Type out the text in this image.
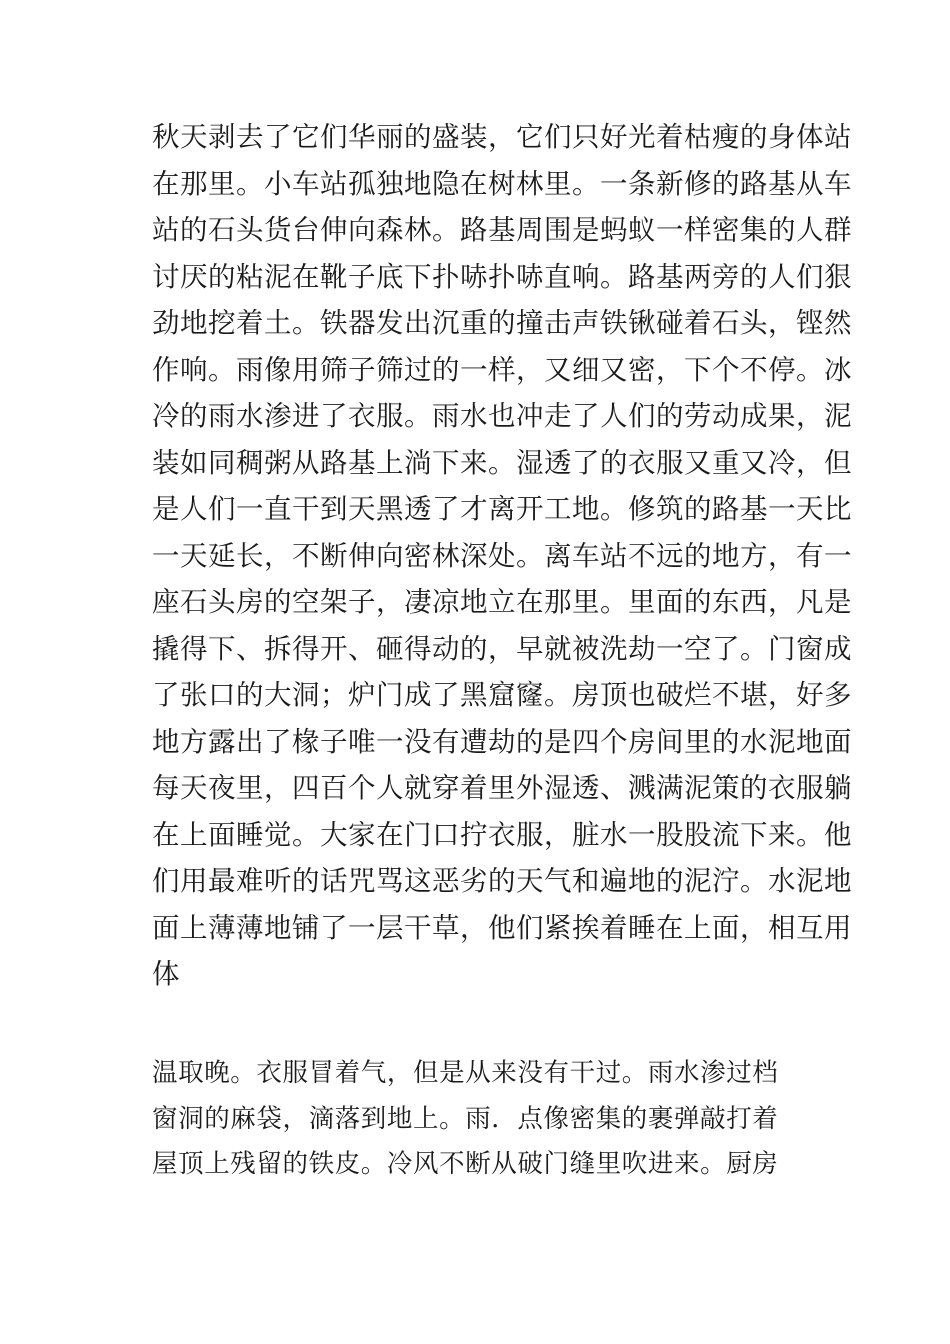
秋天剥去了它们华丽的盛装，它们只好光着枯瘦的身体站
在那里。小车站孤独地隐在树林里。一条新修的路基从车
站的石头货台伸向森林。路基周围是蚂蚁一样密集的人群
讨厌的粘泥在靴子底下扑哧扑哧直响。路基两旁的人们狠
劲地挖着土。铁器发出沉重的撞击声铁锹碰着石头，铿然
作响。雨像用筛子筛过的一样，又细又密，下个不停。冰
冷的雨水渗进了衣服。雨水也冲走了人们的劳动成果，泥
装如同稠粥从路基上淌下来。湿透了的衣服又重又冷，但
是人们一直干到天黑透了才离开工地。修筑的路基一天比
一天延长，不断伸向密林深处。离车站不远的地方，有一
座石头房的空架子，凄凉地立在那里。里面的东西，凡是
撬得下、拆得开、砸得动的，早就被洗劫一空了。门窗成
了张口的大洞；炉门成了黑窟窿。房顶也破烂不堪，好多
地方露出了椽子唯一没有遭劫的是四个房间里的水泥地面
每天夜里，四百个人就穿着里外湿透、溅满泥策的衣服躺
在上面睡觉。大家在门口拧衣服，脏水一股股流下来。他
们用最难听的话咒骂这恶劣的天气和遍地的泥泞。水泥地
面上薄薄地铺了一层干草，他们紧挨着睡在上面，相互用
体
温取晚。衣服冒着气，但是从来没有干过。雨水渗过档
窗洞的麻袋，滴落到地上。雨．点像密集的裹弹敲打着
屋顶上残留的铁皮。冷风不断从破门缝里吹进来。厨房
